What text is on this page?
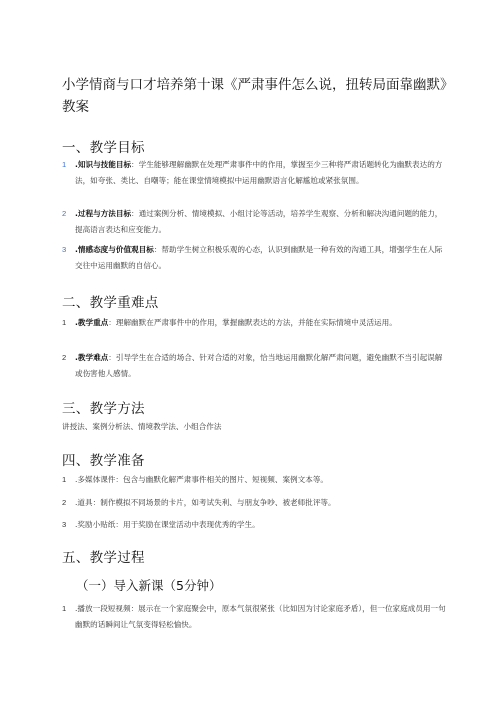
小学情商与口才培养第十课《严肃事件怎么说，扭转局面靠幽默》教案
一、教学目标
1	.知识与技能目标：学生能够理解幽默在处理严肃事件中的作用，掌握至少三种将严肃话题转化为幽默表达的方法，如夸张、类比、自嘲等；能在课堂情境模拟中运用幽默语言化解尴尬或紧张氛围。
2	.过程与方法目标：通过案例分析、情境模拟、小组讨论等活动，培养学生观察、分析和解决沟通问题的能力，提高语言表达和应变能力。
3	.情感态度与价值观目标：帮助学生树立积极乐观的心态，认识到幽默是一种有效的沟通工具，增强学生在人际交往中运用幽默的自信心。
二、教学重难点
1	.教学重点：理解幽默在严肃事件中的作用，掌握幽默表达的方法，并能在实际情境中灵活运用。
2	.教学难点：引导学生在合适的场合、针对合适的对象，恰当地运用幽默化解严肃问题，避免幽默不当引起误解或伤害他人感情。
三、教学方法
讲授法、案例分析法、情境教学法、小组合作法
四、教学准备
1	.多媒体课件：包含与幽默化解严肃事件相关的图片、短视频、案例文本等。
2	.道具：制作模拟不同场景的卡片，如考试失利、与朋友争吵、被老师批评等。
3	.奖励小贴纸：用于奖励在课堂活动中表现优秀的学生。
五、教学过程
（一）导入新课（5分钟）
1	.播放一段短视频：展示在一个家庭聚会中，原本气氛很紧张（比如因为讨论家庭矛盾），但一位家庭成员用一句幽默的话瞬间让气氛变得轻松愉快。
